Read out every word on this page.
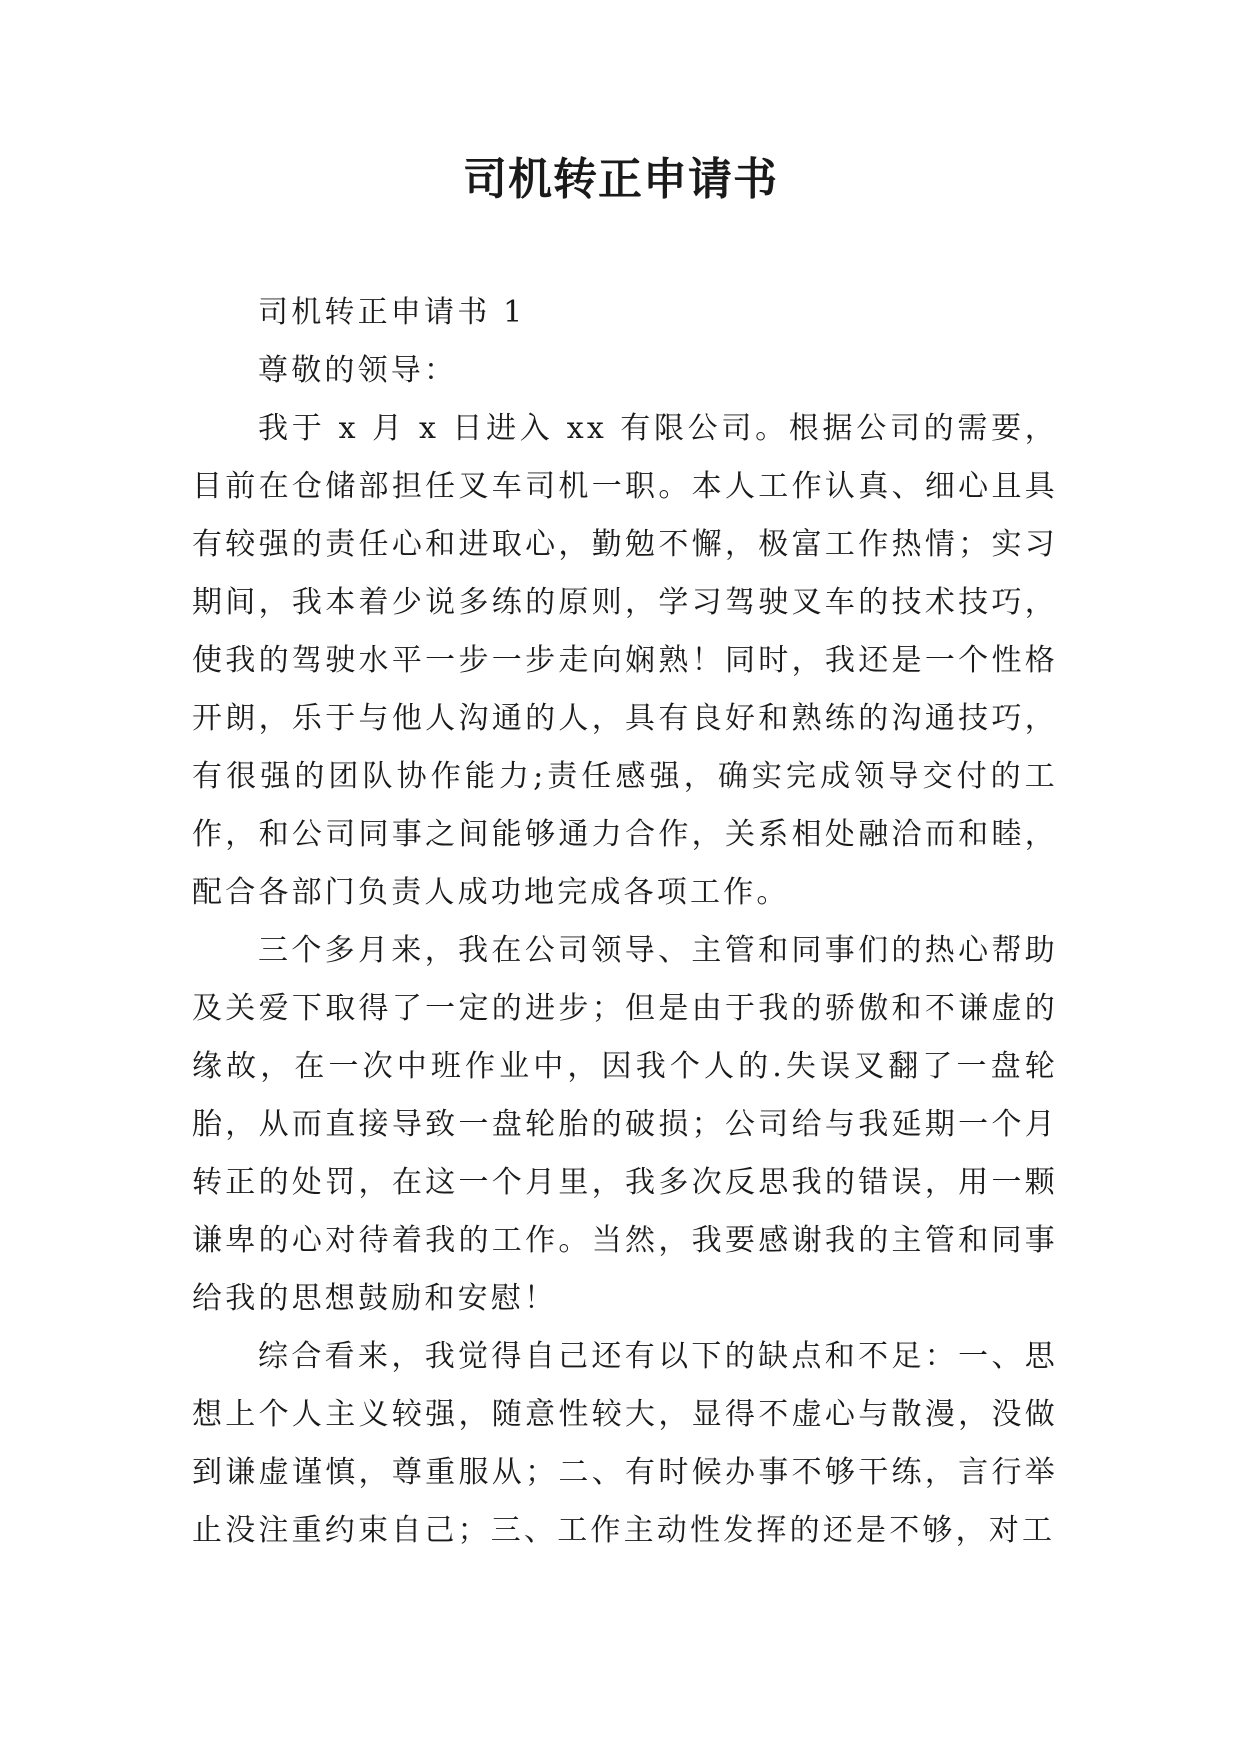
司机转正申请书

司机转正申请书 1

尊敬的领导：

我于 x 月 x 日进入 xx 有限公司。根据公司的需要，目前在仓储部担任叉车司机一职。本人工作认真、细心且具有较强的责任心和进取心，勤勉不懈，极富工作热情；实习期间，我本着少说多练的原则，学习驾驶叉车的技术技巧，使我的驾驶水平一步一步走向娴熟！同时，我还是一个性格开朗，乐于与他人沟通的人，具有良好和熟练的沟通技巧，有很强的团队协作能力;责任感强，确实完成领导交付的工作，和公司同事之间能够通力合作，关系相处融洽而和睦，配合各部门负责人成功地完成各项工作。

三个多月来，我在公司领导、主管和同事们的热心帮助及关爱下取得了一定的进步；但是由于我的骄傲和不谦虚的缘故，在一次中班作业中，因我个人的.失误叉翻了一盘轮胎，从而直接导致一盘轮胎的破损；公司给与我延期一个月转正的处罚，在这一个月里，我多次反思我的错误，用一颗谦卑的心对待着我的工作。当然，我要感谢我的主管和同事给我的思想鼓励和安慰！

综合看来，我觉得自己还有以下的缺点和不足：一、思想上个人主义较强，随意性较大，显得不虚心与散漫，没做到谦虚谨慎，尊重服从；二、有时候办事不够干练，言行举止没注重约束自己；三、工作主动性发挥的还是不够，对工
